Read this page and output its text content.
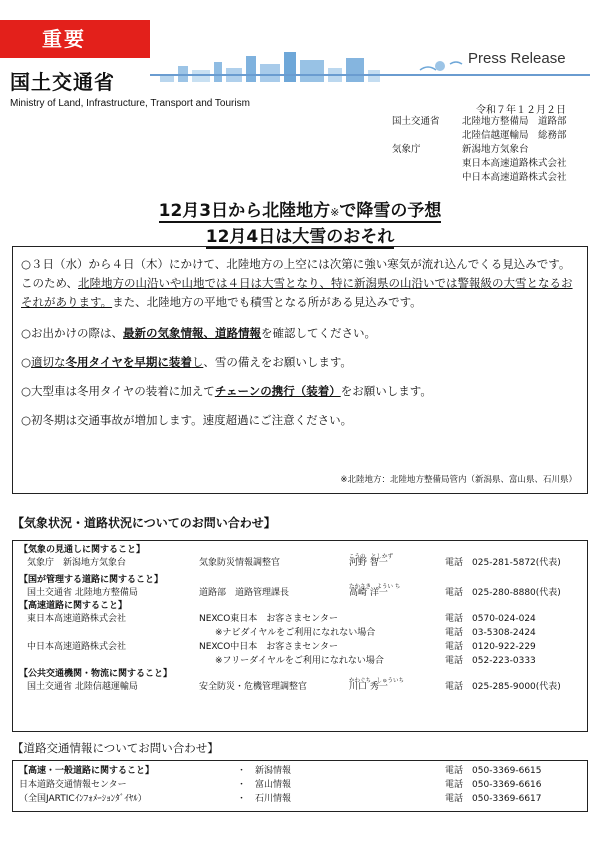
重要
国土交通省
Ministry of Land, Infrastructure, Transport and Tourism
Press Release
令和７年１２月２日
国土交通省	北陸地方整備局　道路部
北陸信越運輸局　総務部
気象庁	新潟地方気象台
東日本高速道路株式会社
中日本高速道路株式会社
12月3日から北陸地方※で降雪の予想
12月4日は大雪のおそれ

○３日（水）から４日（木）にかけて、北陸地方の上空には次第に強い寒気が流れ込んでくる見込みです。このため、北陸地方の山沿いや山地では４日は大雪となり、特に新潟県の山沿いでは警報級の大雪となるおそれがあります。また、北陸地方の平地でも積雪となる所がある見込みです。

○お出かけの際は、最新の気象情報、道路情報を確認してください。

○適切な冬用タイヤを早期に装着し、雪の備えをお願いします。

○大型車は冬用タイヤの装着に加えてチェーンの携行（装着）をお願いします。

○初冬期は交通事故が増加します。速度超過にご注意ください。

※北陸地方：北陸地方整備局管内（新潟県、富山県、石川県）
【気象状況・道路状況についてのお問い合わせ】
【気象の見通しに関すること】
気象庁　新潟地方気象台	気象防災情報調整官
こうの　としかず
河野 智一	電話　 025-281-5872(代表)
【国が管理する道路に関すること】
国土交通省 北陸地方整備局	道路部　道路管理課長
たかさき　ようい ち
高崎 洋一	電話　 025-280-8880(代表)
【高速道路に関すること】
東日本高速道路株式会社	NEXCO東日本　お客さまセンター	電話　 0570-024-024
※ナビダイヤルをご利用になれない場合	電話　 03-5308-2424
中日本高速道路株式会社	NEXCO中日本　お客さまセンター	電話　 0120-922-229
※フリーダイヤルをご利用になれない場合	電話　 052-223-0333
【公共交通機関・物流に関すること】
国土交通省 北陸信越運輸局	安全防災・危機管理調整官
かわぐち　しゅういち
川口 秀一	電話　 025-285-9000(代表)
【道路交通情報についてお問い合わせ】
【高速・一般道路に関すること】	・　新潟情報	電話　 050-3369-6615
日本道路交通情報センター	・　富山情報	電話　 050-3369-6616
（全国JARTICｲﾝﾌｫﾒｰｼｮﾝﾀﾞｲﾔﾙ）	・　石川情報	電話　 050-3369-6617
